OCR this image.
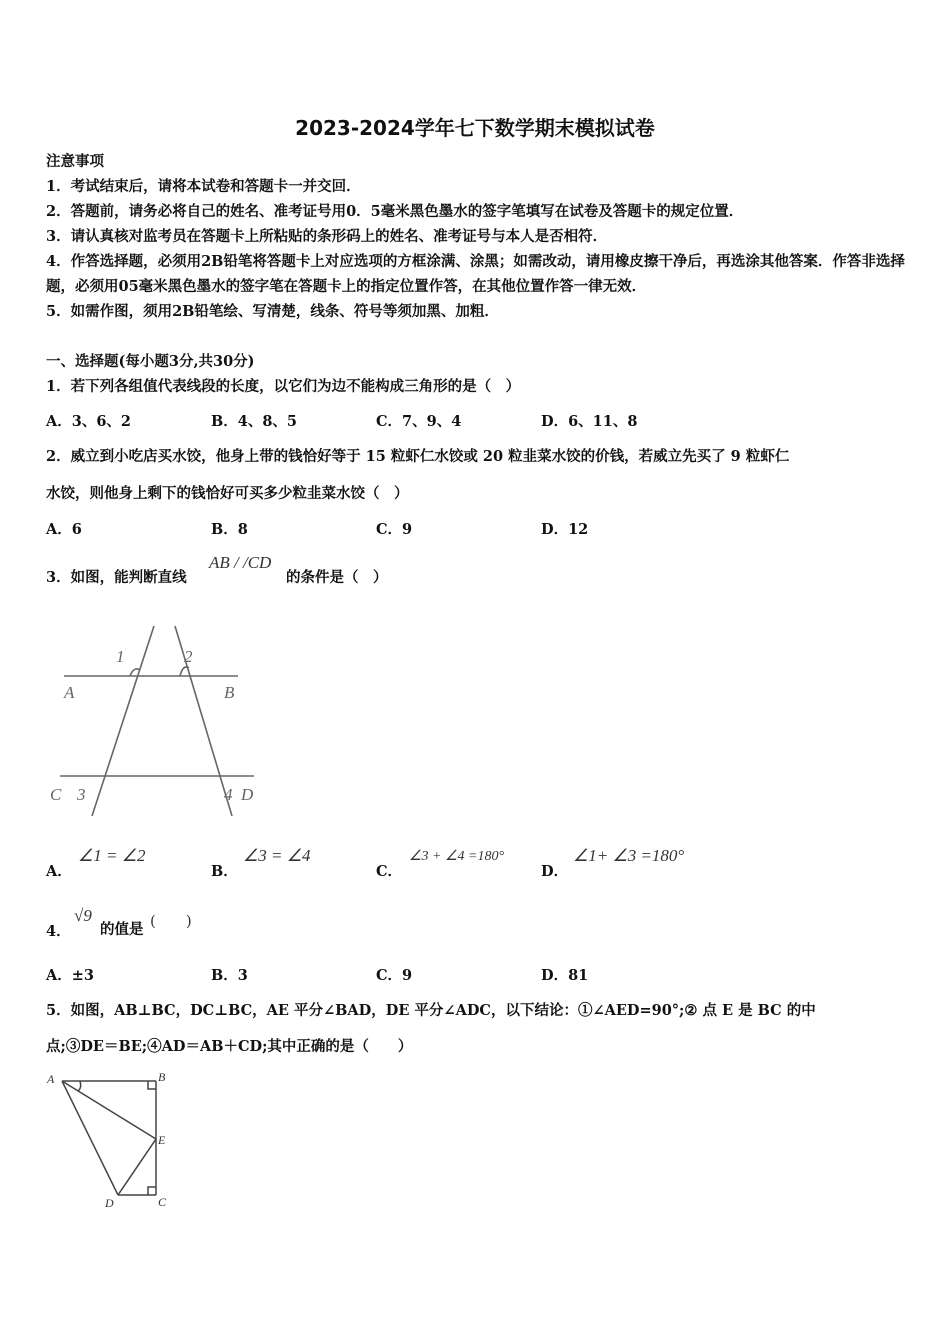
2023-2024学年七下数学期末模拟试卷
注意事项
1．考试结束后，请将本试卷和答题卡一并交回．
2．答题前，请务必将自己的姓名、准考证号用0．5毫米黑色墨水的签字笔填写在试卷及答题卡的规定位置．
3．请认真核对监考员在答题卡上所粘贴的条形码上的姓名、准考证号与本人是否相符．
4．作答选择题，必须用2B铅笔将答题卡上对应选项的方框涂满、涂黑；如需改动，请用橡皮擦干净后，再选涂其他答案．作答非选择题，必须用05毫米黑色墨水的签字笔在答题卡上的指定位置作答，在其他位置作答一律无效．
5．如需作图，须用2B铅笔绘、写清楚，线条、符号等须加黑、加粗．
一、选择题(每小题3分,共30分)
1．若下列各组值代表线段的长度，以它们为边不能构成三角形的是（　）
A．3、6、2	B．4、8、5	C．7、9、4	D．6、11、8
2．威立到小吃店买水饺，他身上带的钱恰好等于 15 粒虾仁水饺或 20 粒韭菜水饺的价钱，若威立先买了 9 粒虾仁
水饺，则他身上剩下的钱恰好可买多少粒韭菜水饺（　）
A．6	B．8	C．9	D．12
3．如图，能判断直线
AB / /CD
的条件是（　）
1	2
A	B
C 3	4 D
A．
∠1 = ∠2
B．
∠3 = ∠4
C．
∠3 + ∠4 =180°
D．
∠1+ ∠3 =180°
4．
√9
的值是 (　　)
A．±3	B．3	C．9	D．81
5．如图，AB⊥BC，DC⊥BC，AE 平分∠BAD，DE 平分∠ADC，以下结论：①∠AED=90°;② 点 E 是 BC 的中
点;③DE＝BE;④AD＝AB＋CD;其中正确的是（　　）
A	B
E
D	C
